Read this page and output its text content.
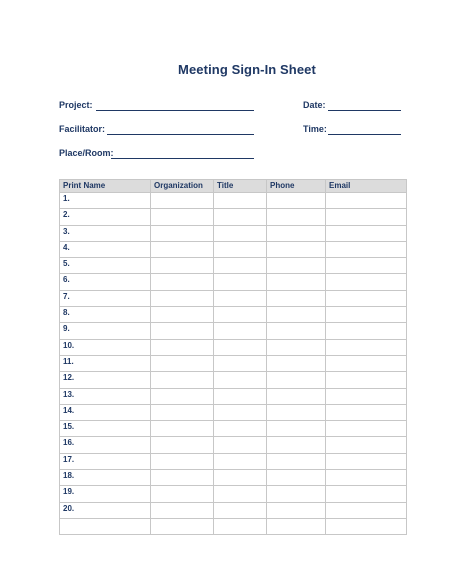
Meeting Sign-In Sheet
Project:	Date:
Facilitator:	Time:
Place/Room:
Print Name	Organization	Title	Phone	Email
1.				
2.				
3.				
4.				
5.				
6.				
7.				
8.				
9.				
10.				
11.				
12.				
13.				
14.				
15.				
16.				
17.				
18.				
19.				
20.				
